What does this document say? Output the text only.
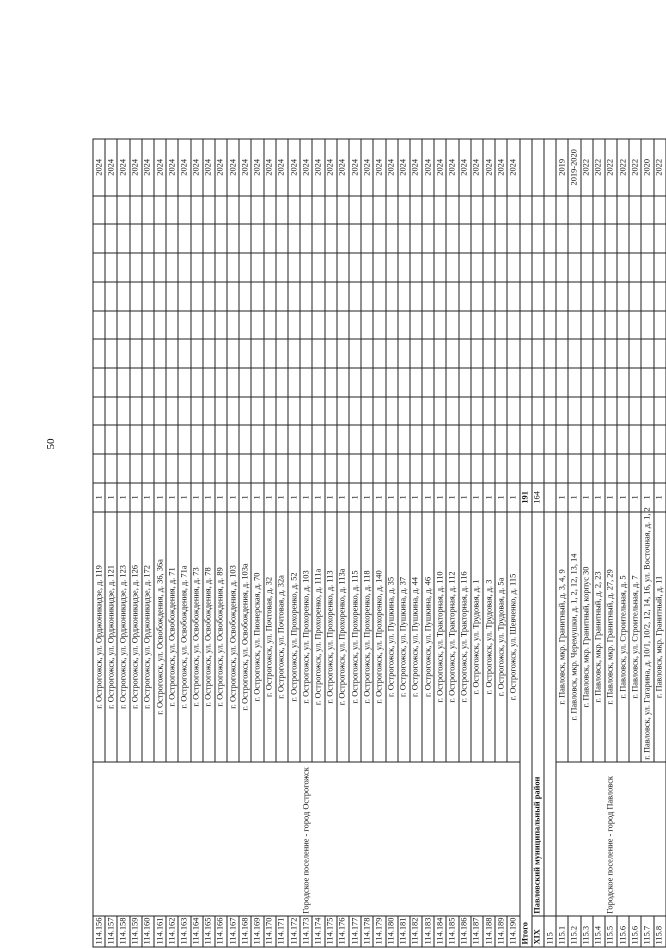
50
114.156	Городское поселение - город Острогожск	г. Острогожск, ул. Орджоникидзе, д. 119	1											2024
114.157		г. Острогожск, ул. Орджоникидзе, д. 121	1											2024
114.158		г. Острогожск, ул. Орджоникидзе, д. 123	1											2024
114.159		г. Острогожск, ул. Орджоникидзе, д. 126	1											2024
114.160		г. Острогожск, ул. Орджоникидзе, д. 172	1											2024
114.161		г. Острогожск, ул. Освобождения, д. 36, 36а	1											2024
114.162		г. Острогожск, ул. Освобождения, д. 71	1											2024
114.163		г. Острогожск, ул. Освобождения, д. 71а	1											2024
114.164		г. Острогожск, ул. Освобождения, д. 73	1											2024
114.165		г. Острогожск, ул. Освобождения, д. 78	1											2024
114.166		г. Острогожск, ул. Освобождения, д. 89	1											2024
114.167		г. Острогожск, ул. Освобождения, д. 103	1											2024
114.168		г. Острогожск, ул. Освобождения, д. 103а	1											2024
114.169		г. Острогожск, ул. Пионерская, д. 70	1											2024
114.170		г. Острогожск, ул. Почтовая, д. 32	1											2024
114.171		г. Острогожск, ул. Почтовая, д. 32а	1											2024
114.172		г. Острогожск, ул. Прохоренко, д. 52	1											2024
114.173		г. Острогожск, ул. Прохоренко, д. 103	1											2024
114.174		г. Острогожск, ул. Прохоренко, д. 111а	1											2024
114.175		г. Острогожск, ул. Прохоренко, д. 113	1											2024
114.176		г. Острогожск, ул. Прохоренко, д. 113а	1											2024
114.177		г. Острогожск, ул. Прохоренко, д. 115	1											2024
114.178		г. Острогожск, ул. Прохоренко, д. 118	1											2024
114.179		г. Острогожск, ул. Прохоренко, д. 140	1											2024
114.180		г. Острогожск, ул. Пушкина, д. 35	1											2024
114.181		г. Острогожск, ул. Пушкина, д. 37	1											2024
114.182		г. Острогожск, ул. Пушкина, д. 44	1											2024
114.183		г. Острогожск, ул. Пушкина, д. 46	1											2024
114.184		г. Острогожск, ул. Тракторная, д. 110	1											2024
114.185		г. Острогожск, ул. Тракторная, д. 112	1											2024
114.186		г. Острогожск, ул. Тракторная, д. 116	1											2024
114.187		г. Острогожск, ул. Трудовая, д. 1	1											2024
114.188		г. Острогожск, ул. Трудовая, д. 3	1											2024
114.189		г. Острогожск, ул. Трудовая, д. 5а	1											2024
114.190		г. Острогожск, ул. Шевченко, д. 115	1											2024
Итого			191											
XIX	Павловский муниципальный район		164											
115														
115.1	Городское поселение - город Павловск	г. Павловск, мкр. Гранитный, д. 3, 4, 9	1											2019
115.2		г. Павловск, мкр. Черемушки, д. 1, 2, 12, 13, 14	1											2019-2020
115.3		г. Павловск, мкр. Гранитный, корпус 30	1											2022
115.4		г. Павловск, мкр. Гранитный, д. 2, 23	1											2022
115.5		г. Павловск, мкр. Гранитный, д. 27, 29	1											2022
115.6		г. Павловск, ул. Строительная, д. 5	1											2022
115.6		г. Павловск, ул. Строительная, д. 7	1											2022
115.7		г. Павловск, ул. Гагарина, д. 10/1, 10/2, 12, 14, 16, ул. Восточная, д. 1, 2	1											2020
115.8		г. Павловск, мкр. Гранитный, д. 11	1											2022
